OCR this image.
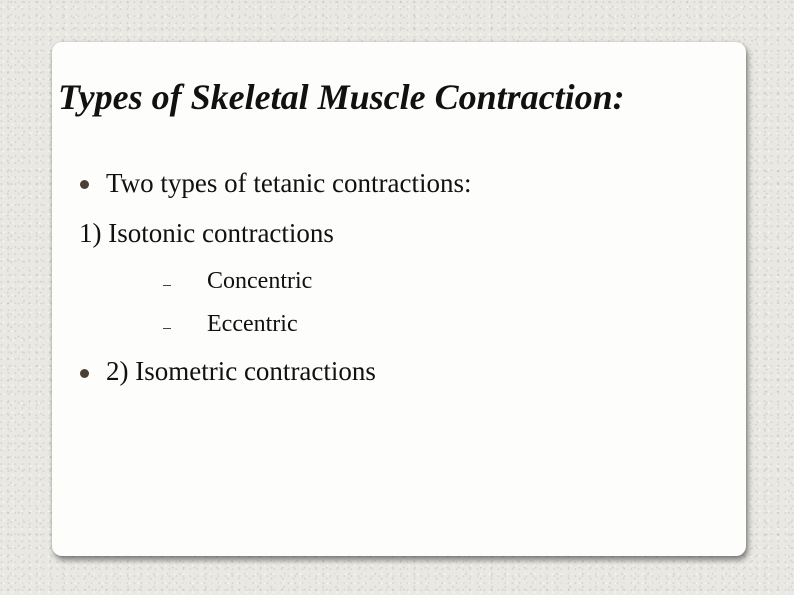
Types of Skeletal Muscle Contraction:
Two types of tetanic contractions:
1) Isotonic contractions
Concentric
Eccentric
2) Isometric contractions
